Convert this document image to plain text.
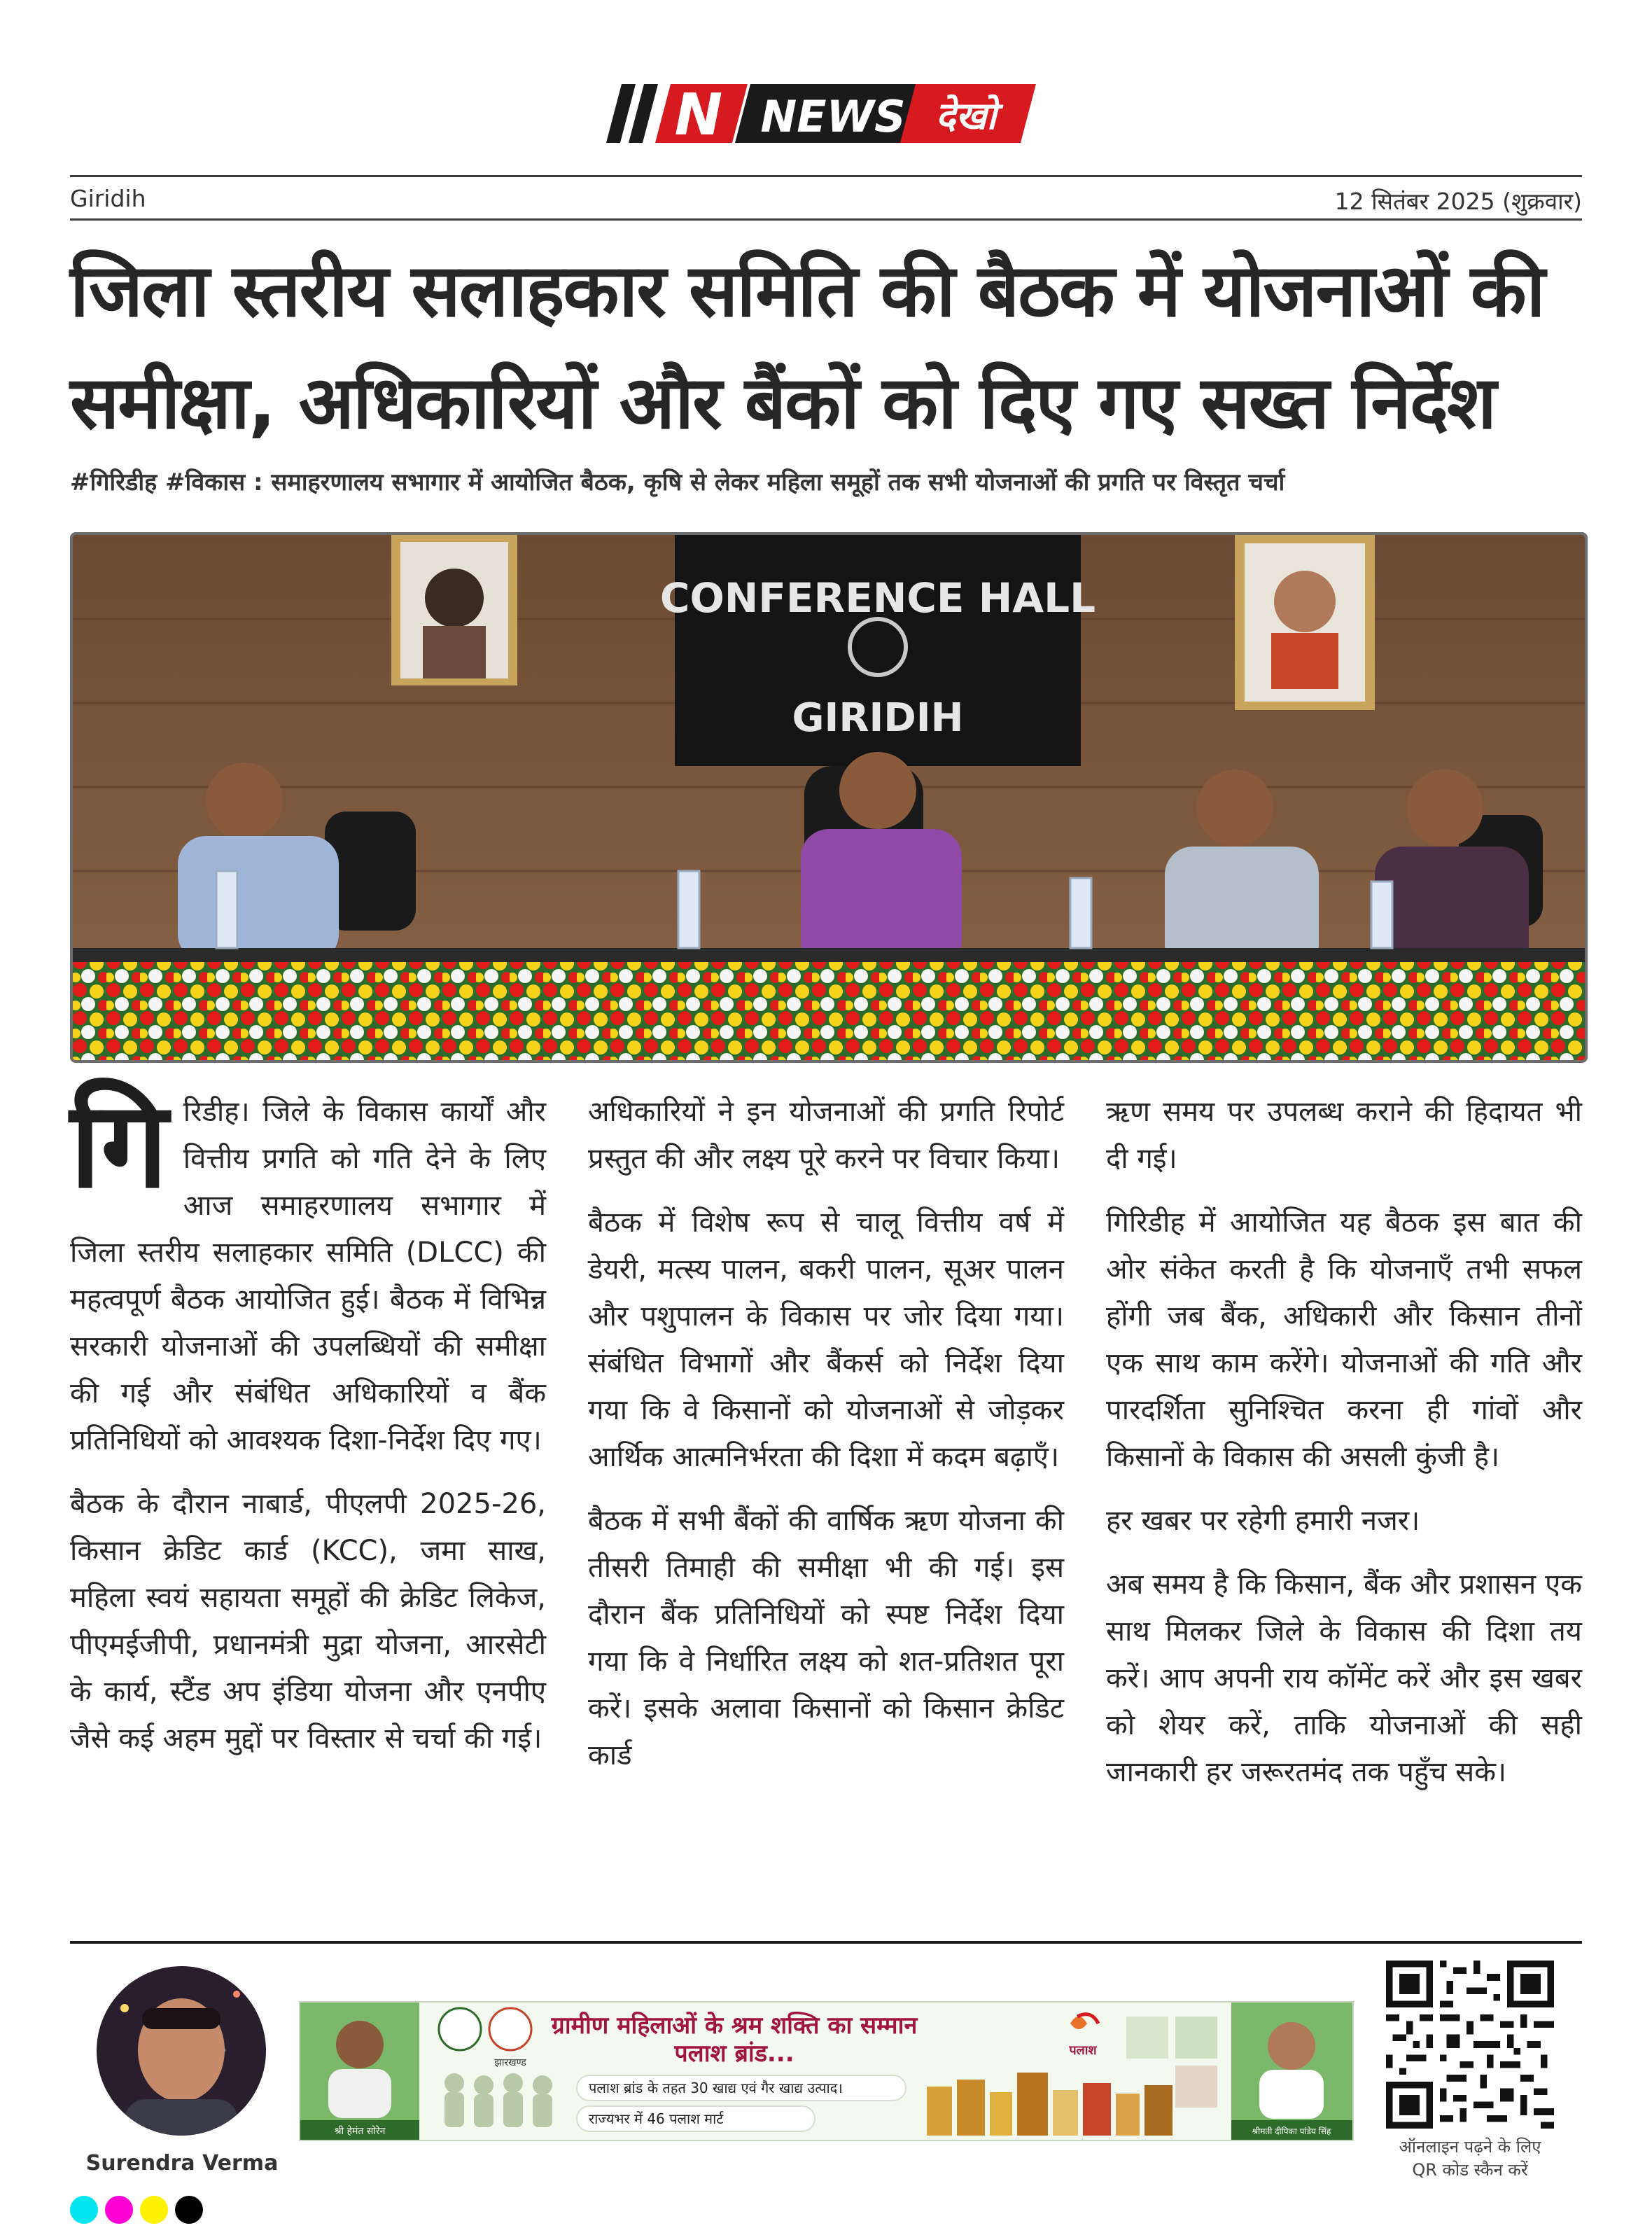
N NEWS देखो
Giridih	12 सितंबर 2025 (शुक्रवार)
जिला स्तरीय सलाहकार समिति की बैठक में योजनाओं की
समीक्षा, अधिकारियों और बैंकों को दिए गए सख्त निर्देश

#गिरिडीह #विकास : समाहरणालय सभागार में आयोजित बैठक, कृषि से लेकर महिला समूहों तक सभी योजनाओं की प्रगति पर विस्तृत चर्चा

CONFERENCE HALL
GIRIDIH
गि रिडीह। जिले के विकास कार्यों और वित्तीय प्रगति को गति देने के लिए आज समाहरणालय सभागार में जिला स्तरीय सलाहकार समिति (DLCC) की महत्वपूर्ण बैठक आयोजित हुई। बैठक में विभिन्न सरकारी योजनाओं की उपलब्धियों की समीक्षा की गई और संबंधित अधिकारियों व बैंक प्रतिनिधियों को आवश्यक दिशा-निर्देश दिए गए।

बैठक के दौरान नाबार्ड, पीएलपी 2025-26, किसान क्रेडिट कार्ड (KCC), जमा साख, महिला स्वयं सहायता समूहों की क्रेडिट लिकेज, पीएमईजीपी, प्रधानमंत्री मुद्रा योजना, आरसेटी के कार्य, स्टैंड अप इंडिया योजना और एनपीए जैसे कई अहम मुद्दों पर विस्तार से चर्चा की गई।

अधिकारियों ने इन योजनाओं की प्रगति रिपोर्ट प्रस्तुत की और लक्ष्य पूरे करने पर विचार किया।

बैठक में विशेष रूप से चालू वित्तीय वर्ष में डेयरी, मत्स्य पालन, बकरी पालन, सूअर पालन और पशुपालन के विकास पर जोर दिया गया। संबंधित विभागों और बैंकर्स को निर्देश दिया गया कि वे किसानों को योजनाओं से जोड़कर आर्थिक आत्मनिर्भरता की दिशा में कदम बढ़ाएँ।

बैठक में सभी बैंकों की वार्षिक ऋण योजना की तीसरी तिमाही की समीक्षा भी की गई। इस दौरान बैंक प्रतिनिधियों को स्पष्ट निर्देश दिया गया कि वे निर्धारित लक्ष्य को शत-प्रतिशत पूरा करें। इसके अलावा किसानों को किसान क्रेडिट कार्ड

ऋण समय पर उपलब्ध कराने की हिदायत भी दी गई।

गिरिडीह में आयोजित यह बैठक इस बात की ओर संकेत करती है कि योजनाएँ तभी सफल होंगी जब बैंक, अधिकारी और किसान तीनों एक साथ काम करेंगे। योजनाओं की गति और पारदर्शिता सुनिश्चित करना ही गांवों और किसानों के विकास की असली कुंजी है।

हर खबर पर रहेगी हमारी नजर।

अब समय है कि किसान, बैंक और प्रशासन एक साथ मिलकर जिले के विकास की दिशा तय करें। आप अपनी राय कॉमेंट करें और इस खबर को शेयर करें, ताकि योजनाओं की सही जानकारी हर जरूरतमंद तक पहुँच सके।

Surendra Verma
श्री हेमंत सोरेन
झारखण्ड
ग्रामीण महिलाओं के श्रम शक्ति का सम्मान
पलाश ब्रांड...
पलाश ब्रांड के तहत 30 खाद्य एवं गैर खाद्य उत्पाद।
राज्यभर में 46 पलाश मार्ट
पलाश
श्रीमती दीपिका पांडेय सिंह
ऑनलाइन पढ़ने के लिए
QR कोड स्कैन करें
